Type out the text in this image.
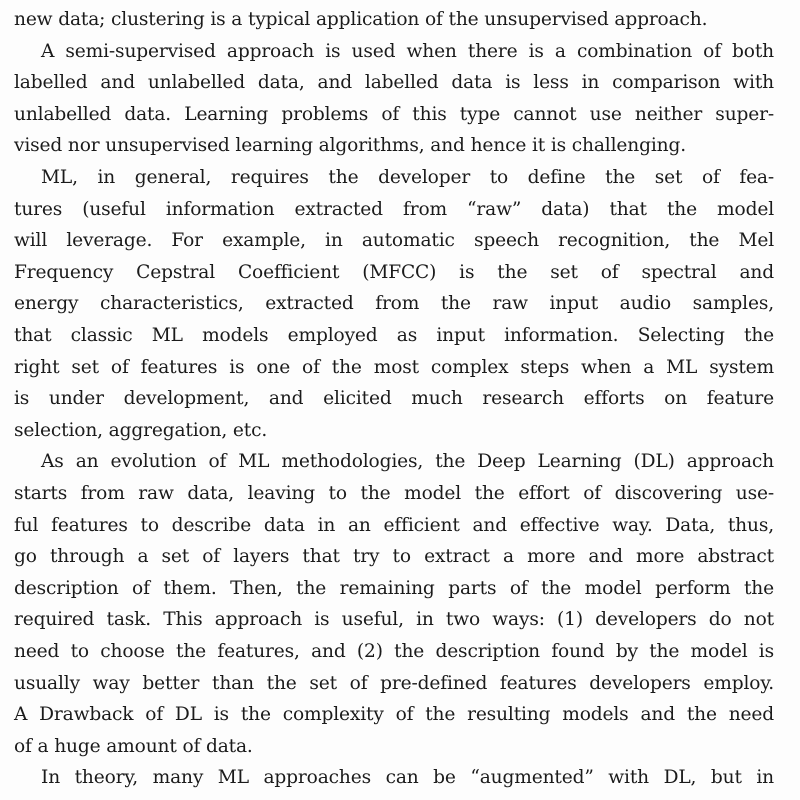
new data; clustering is a typical application of the unsupervised approach.
A semi-supervised approach is used when there is a combination of both
labelled and unlabelled data, and labelled data is less in comparison with
unlabelled data. Learning problems of this type cannot use neither super-
vised nor unsupervised learning algorithms, and hence it is challenging.
ML, in general, requires the developer to define the set of fea-
tures (useful information extracted from “raw” data) that the model
will leverage. For example, in automatic speech recognition, the Mel
Frequency Cepstral Coefficient (MFCC) is the set of spectral and
energy characteristics, extracted from the raw input audio samples,
that classic ML models employed as input information. Selecting the
right set of features is one of the most complex steps when a ML system
is under development, and elicited much research efforts on feature
selection, aggregation, etc.
As an evolution of ML methodologies, the Deep Learning (DL) approach
starts from raw data, leaving to the model the effort of discovering use-
ful features to describe data in an efficient and effective way. Data, thus,
go through a set of layers that try to extract a more and more abstract
description of them. Then, the remaining parts of the model perform the
required task. This approach is useful, in two ways: (1) developers do not
need to choose the features, and (2) the description found by the model is
usually way better than the set of pre-defined features developers employ.
A Drawback of DL is the complexity of the resulting models and the need
of a huge amount of data.
In theory, many ML approaches can be “augmented” with DL, but in
